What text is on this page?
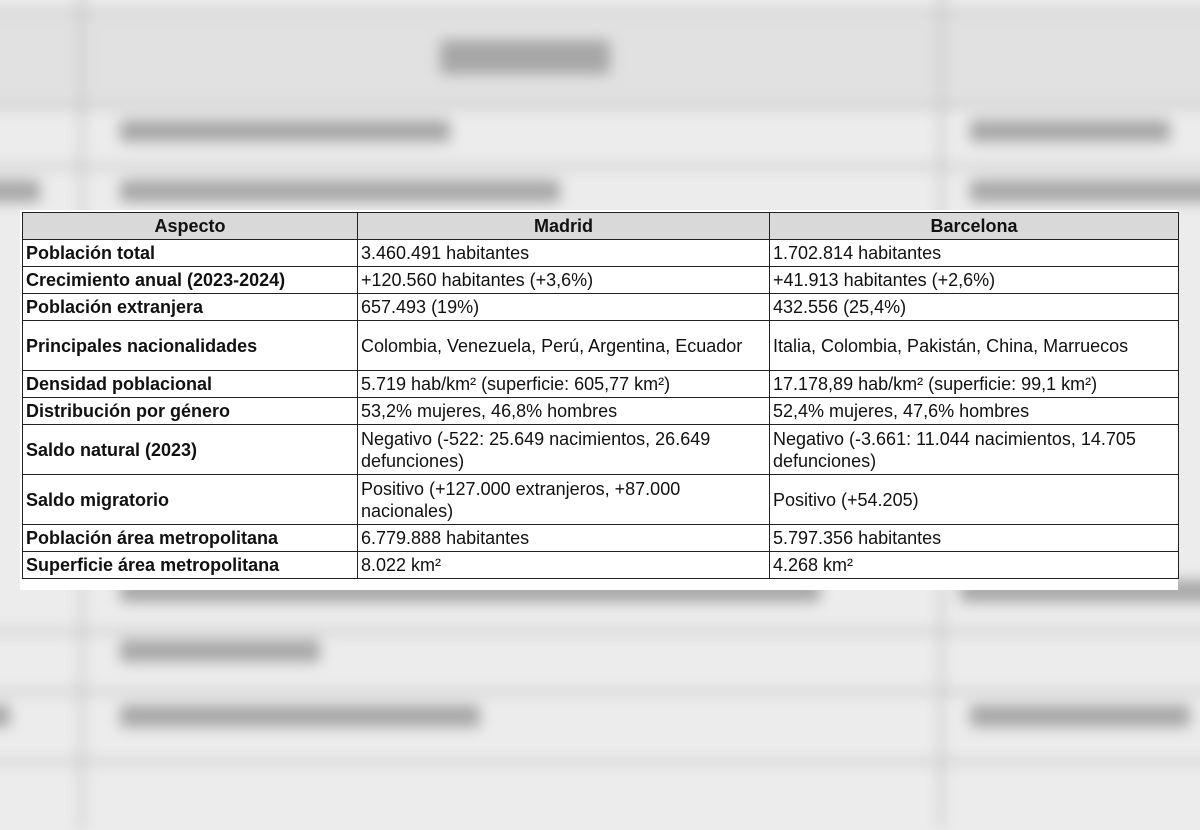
Aspecto	Madrid	Barcelona
Población total	3.460.491 habitantes	1.702.814 habitantes
Crecimiento anual (2023-2024)	+120.560 habitantes (+3,6%)	+41.913 habitantes (+2,6%)
Población extranjera	657.493 (19%)	432.556 (25,4%)
Principales nacionalidades	Colombia, Venezuela, Perú, Argentina, Ecuador	Italia, Colombia, Pakistán, China, Marruecos
Densidad poblacional	5.719 hab/km² (superficie: 605,77 km²)	17.178,89 hab/km² (superficie: 99,1 km²)
Distribución por género	53,2% mujeres, 46,8% hombres	52,4% mujeres, 47,6% hombres
Saldo natural (2023)	Negativo (-522: 25.649 nacimientos, 26.649 defunciones)	Negativo (-3.661: 11.044 nacimientos, 14.705 defunciones)
Saldo migratorio	Positivo (+127.000 extranjeros, +87.000 nacionales)	Positivo (+54.205)
Población área metropolitana	6.779.888 habitantes	5.797.356 habitantes
Superficie área metropolitana	8.022 km²	4.268 km²
